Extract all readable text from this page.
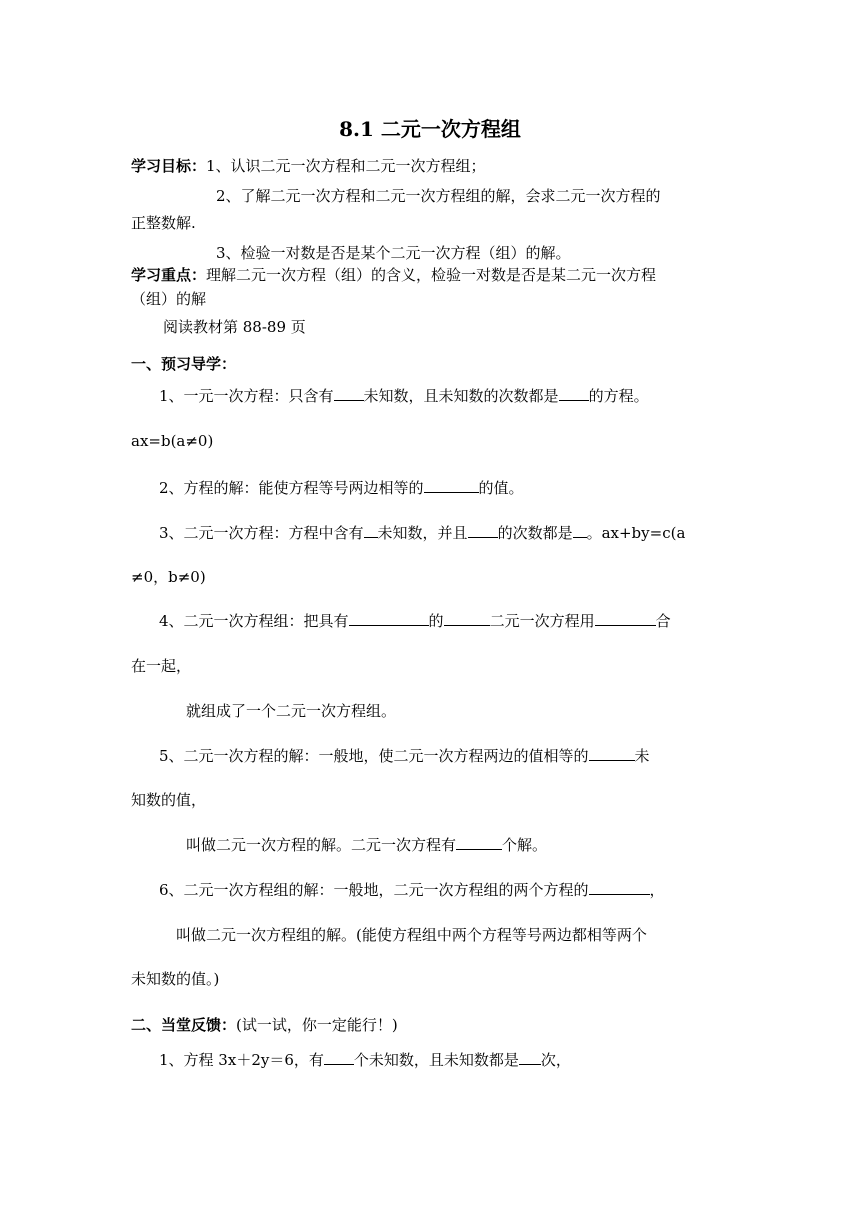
8.1 二元一次方程组
学习目标：1、认识二元一次方程和二元一次方程组；
2、了解二元一次方程和二元一次方程组的解，会求二元一次方程的
正整数解.
3、检验一对数是否是某个二元一次方程（组）的解。
学习重点：理解二元一次方程（组）的含义，检验一对数是否是某二元一次方程
（组）的解
阅读教材第 88-89 页
一、预习导学：
1、一元一次方程：只含有 未知数，且未知数的次数都是 的方程。
ax=b(a≠0)
2、方程的解：能使方程等号两边相等的	的值。
3、二元一次方程：方程中含有 未知数，并且 的次数都是 。ax+by=c(a
≠0，b≠0)
4、二元一次方程组：把具有	的	二元一次方程用	合
在一起，
就组成了一个二元一次方程组。
5、二元一次方程的解：一般地，使二元一次方程两边的值相等的	未
知数的值，
叫做二元一次方程的解。二元一次方程有	个解。
6、二元一次方程组的解：一般地，二元一次方程组的两个方程的	，
叫做二元一次方程组的解。(能使方程组中两个方程等号两边都相等两个
未知数的值。)
二、当堂反馈：(试一试，你一定能行！)
1、方程 3x＋2y＝6，有 个未知数，且未知数都是 次，
